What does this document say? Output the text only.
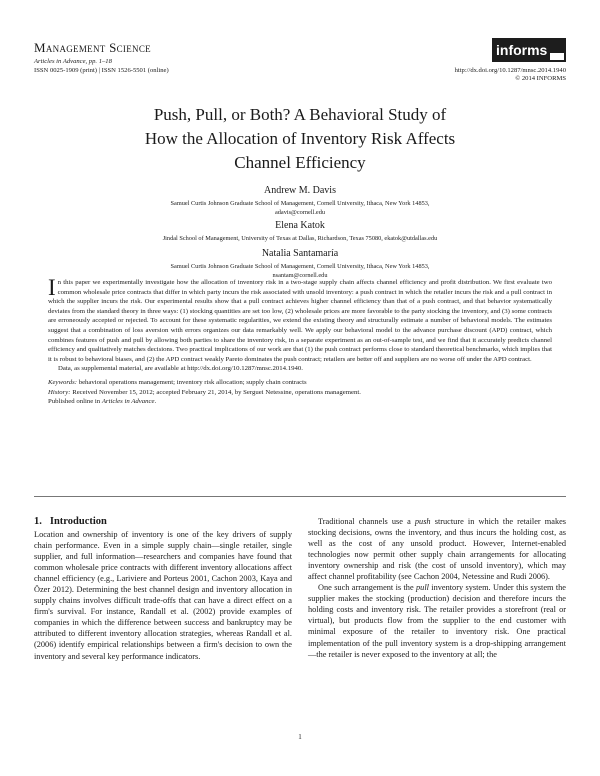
Management Science
Articles in Advance, pp. 1–18
ISSN 0025-1909 (print) | ISSN 1526-5501 (online)
informs
http://dx.doi.org/10.1287/mnsc.2014.1940
© 2014 INFORMS
Push, Pull, or Both? A Behavioral Study of
How the Allocation of Inventory Risk Affects
Channel Efficiency
Andrew M. Davis
Samuel Curtis Johnson Graduate School of Management, Cornell University, Ithaca, New York 14853,
adavis@cornell.edu
Elena Katok
Jindal School of Management, University of Texas at Dallas, Richardson, Texas 75080, ekatok@utdallas.edu
Natalia Santamaría
Samuel Curtis Johnson Graduate School of Management, Cornell University, Ithaca, New York 14853,
nsantam@cornell.edu

In this paper we experimentally investigate how the allocation of inventory risk in a two-stage supply chain affects channel efficiency and profit distribution. We first evaluate two common wholesale price contracts that differ in which party incurs the risk associated with unsold inventory: a push contract in which the retailer incurs the risk and a pull contract in which the supplier incurs the risk. Our experimental results show that a pull contract achieves higher channel efficiency than that of a push contract, and that behavior systematically deviates from the standard theory in three ways: (1) stocking quantities are set too low, (2) wholesale prices are more favorable to the party stocking the inventory, and (3) some contracts are erroneously accepted or rejected. To account for these systematic regularities, we extend the existing theory and structurally estimate a number of behavioral models. The estimates suggest that a combination of loss aversion with errors organizes our data remarkably well. We apply our behavioral model to the advance purchase discount (APD) contract, which combines features of push and pull by allowing both parties to share the inventory risk, in a separate experiment as an out-of-sample test, and we find that it accurately predicts channel efficiency and qualitatively matches decisions. Two practical implications of our work are that (1) the push contract performs close to standard theoretical benchmarks, which implies that it is robust to behavioral biases, and (2) the APD contract weakly Pareto dominates the push contract; retailers are better off and suppliers are no worse off under the APD contract.

Data, as supplemental material, are available at http://dx.doi.org/10.1287/mnsc.2014.1940.

Keywords: behavioral operations management; inventory risk allocation; supply chain contracts

History: Received November 15, 2012; accepted February 21, 2014, by Serguei Netessine, operations management.

Published online in Articles in Advance.

1. Introduction

Location and ownership of inventory is one of the key drivers of supply chain performance. Even in a simple supply chain—single retailer, single supplier, and full information—researchers and companies have found that common wholesale price contracts with different inventory allocations affect channel efficiency (e.g., Lariviere and Porteus 2001, Cachon 2003, Kaya and Özer 2012). Determining the best channel design and inventory allocation in supply chains involves difficult trade-offs that can have a direct effect on a firm's survival. For instance, Randall et al. (2002) provide examples of companies in which the difference between success and bankruptcy may be attributed to different inventory allocation strategies, whereas Randall et al. (2006) identify empirical relationships between a firm's decision to own the inventory and several key performance indicators.

Traditional channels use a push structure in which the retailer makes stocking decisions, owns the inventory, and thus incurs the holding cost, as well as the cost of any unsold product. However, Internet-enabled technologies now permit other supply chain arrangements for allocating inventory ownership and risk (the cost of unsold inventory), which may affect channel profitability (see Cachon 2004, Netessine and Rudi 2006).

One such arrangement is the pull inventory system. Under this system the supplier makes the stocking (production) decision and therefore incurs the holding costs and inventory risk. The retailer provides a storefront (real or virtual), but products flow from the supplier to the end customer with minimal exposure of the retailer to inventory risk. One practical implementation of the pull inventory system is a drop-shipping arrangement—the retailer is never exposed to the inventory at all; the

1
